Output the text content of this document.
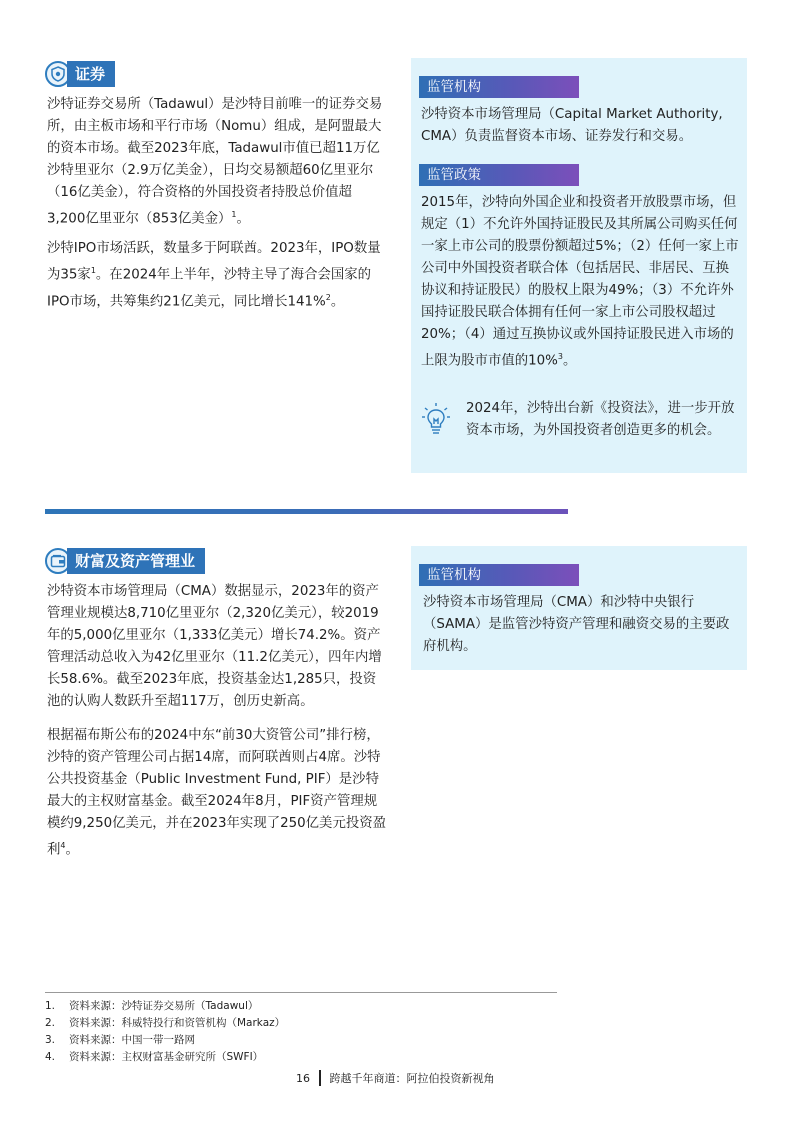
证券

沙特证券交易所（Tadawul）是沙特目前唯一的证券交易所，由主板市场和平行市场（Nomu）组成，是阿盟最大的资本市场。截至2023年底，Tadawul市值已超11万亿沙特里亚尔（2.9万亿美金），日均交易额超60亿里亚尔（16亿美金），符合资格的外国投资者持股总价值超3,200亿里亚尔（853亿美金）$^1$。

沙特IPO市场活跃，数量多于阿联酋。2023年，IPO数量为35家$^1$。在2024年上半年，沙特主导了海合会国家的IPO市场，共筹集约21亿美元，同比增长141%$^2$。

监管机构

沙特资本市场管理局（Capital Market Authority, CMA）负责监督资本市场、证券发行和交易。

监管政策

2015年，沙特向外国企业和投资者开放股票市场，但规定（1）不允许外国持证股民及其所属公司购买任何一家上市公司的股票份额超过5%；（2）任何一家上市公司中外国投资者联合体（包括居民、非居民、互换协议和持证股民）的股权上限为49%；（3）不允许外国持证股民联合体拥有任何一家上市公司股权超过20%；（4）通过互换协议或外国持证股民进入市场的上限为股市市值的10%$^3$。

2024年，沙特出台新《投资法》，进一步开放资本市场，为外国投资者创造更多的机会。

财富及资产管理业

沙特资本市场管理局（CMA）数据显示，2023年的资产管理业规模达8,710亿里亚尔（2,320亿美元），较2019年的5,000亿里亚尔（1,333亿美元）增长74.2%。资产管理活动总收入为42亿里亚尔（11.2亿美元），四年内增长58.6%。截至2023年底，投资基金达1,285只，投资池的认购人数跃升至超117万，创历史新高。

根据福布斯公布的2024中东“前30大资管公司”排行榜，沙特的资产管理公司占据14席，而阿联酋则占4席。沙特公共投资基金（Public Investment Fund, PIF）是沙特最大的主权财富基金。截至2024年8月，PIF资产管理规模约9,250亿美元，并在2023年实现了250亿美元投资盈利$^4$。

监管机构

沙特资本市场管理局（CMA）和沙特中央银行（SAMA）是监管沙特资产管理和融资交易的主要政府机构。

1.	资料来源：沙特证券交易所（Tadawul）
2.	资料来源：科威特投行和资管机构（Markaz）
3.	资料来源：中国一带一路网
4.	资料来源：主权财富基金研究所（SWFI）
16 跨越千年商道：阿拉伯投资新视角
